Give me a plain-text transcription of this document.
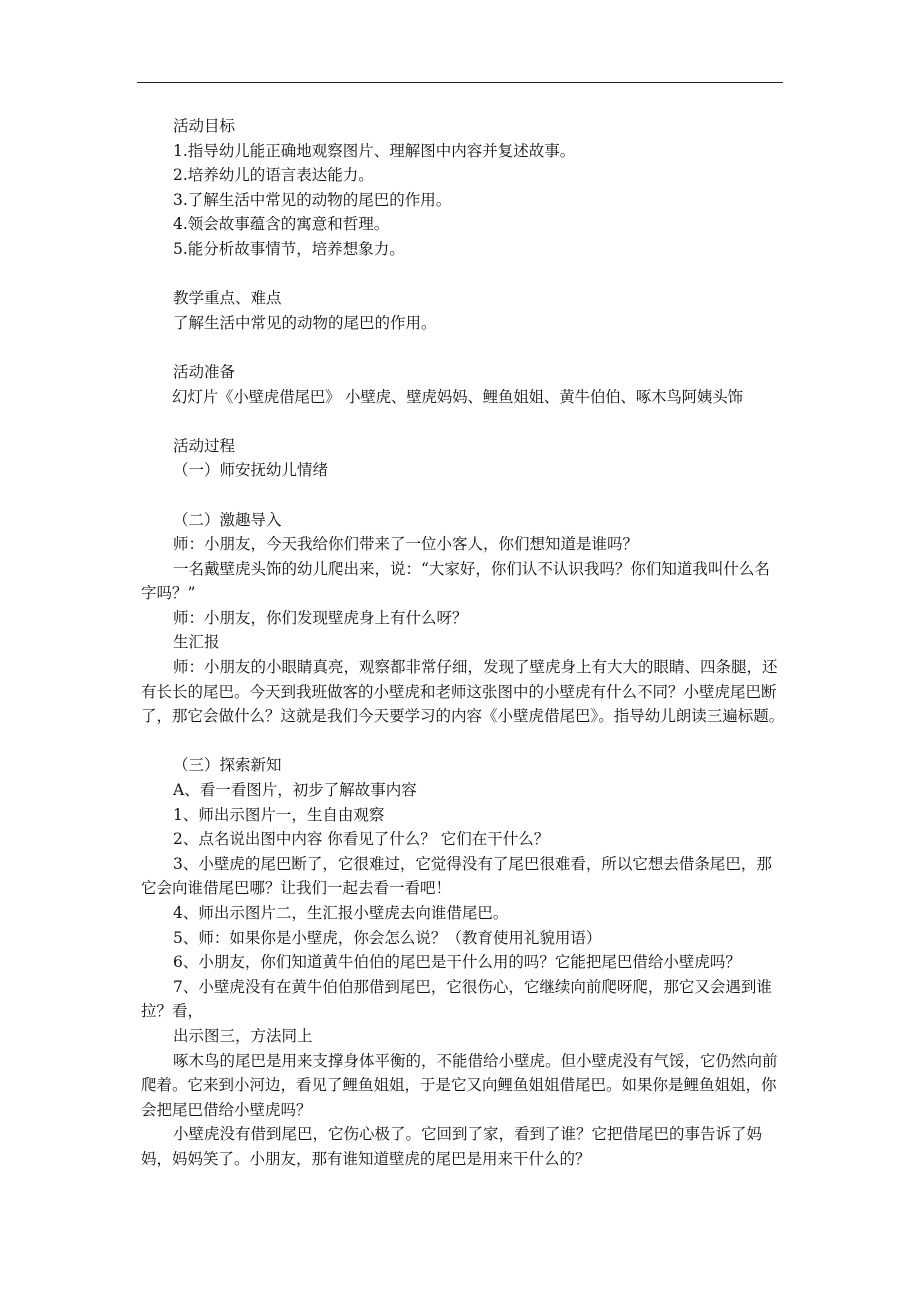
活动目标

1.指导幼儿能正确地观察图片、理解图中内容并复述故事。

2.培养幼儿的语言表达能力。

3.了解生活中常见的动物的尾巴的作用。

4.领会故事蕴含的寓意和哲理。

5.能分析故事情节，培养想象力。

教学重点、难点

了解生活中常见的动物的尾巴的作用。

活动准备

幻灯片《小壁虎借尾巴》 小壁虎、壁虎妈妈、鲤鱼姐姐、黄牛伯伯、啄木鸟阿姨头饰

活动过程

（一）师安抚幼儿情绪

（二）激趣导入

师：小朋友，今天我给你们带来了一位小客人，你们想知道是谁吗？

一名戴壁虎头饰的幼儿爬出来，说：“大家好，你们认不认识我吗？你们知道我叫什么名字吗？”

师：小朋友，你们发现壁虎身上有什么呀？

生汇报

师：小朋友的小眼睛真亮，观察都非常仔细，发现了壁虎身上有大大的眼睛、四条腿，还有长长的尾巴。今天到我班做客的小壁虎和老师这张图中的小壁虎有什么不同？小壁虎尾巴断了，那它会做什么？这就是我们今天要学习的内容《小壁虎借尾巴》。指导幼儿朗读三遍标题。

（三）探索新知

A、看一看图片，初步了解故事内容

1、师出示图片一，生自由观察

2、点名说出图中内容 你看见了什么？ 它们在干什么？

3、小壁虎的尾巴断了，它很难过，它觉得没有了尾巴很难看，所以它想去借条尾巴，那它会向谁借尾巴哪？让我们一起去看一看吧！

4、师出示图片二，生汇报小壁虎去向谁借尾巴。

5、师：如果你是小壁虎，你会怎么说？（教育使用礼貌用语）

6、小朋友，你们知道黄牛伯伯的尾巴是干什么用的吗？它能把尾巴借给小壁虎吗？

7、小壁虎没有在黄牛伯伯那借到尾巴，它很伤心，它继续向前爬呀爬，那它又会遇到谁拉？看，

出示图三，方法同上

啄木鸟的尾巴是用来支撑身体平衡的，不能借给小壁虎。但小壁虎没有气馁，它仍然向前爬着。它来到小河边，看见了鲤鱼姐姐，于是它又向鲤鱼姐姐借尾巴。如果你是鲤鱼姐姐，你会把尾巴借给小壁虎吗？

小壁虎没有借到尾巴，它伤心极了。它回到了家，看到了谁？它把借尾巴的事告诉了妈妈，妈妈笑了。小朋友，那有谁知道壁虎的尾巴是用来干什么的？
